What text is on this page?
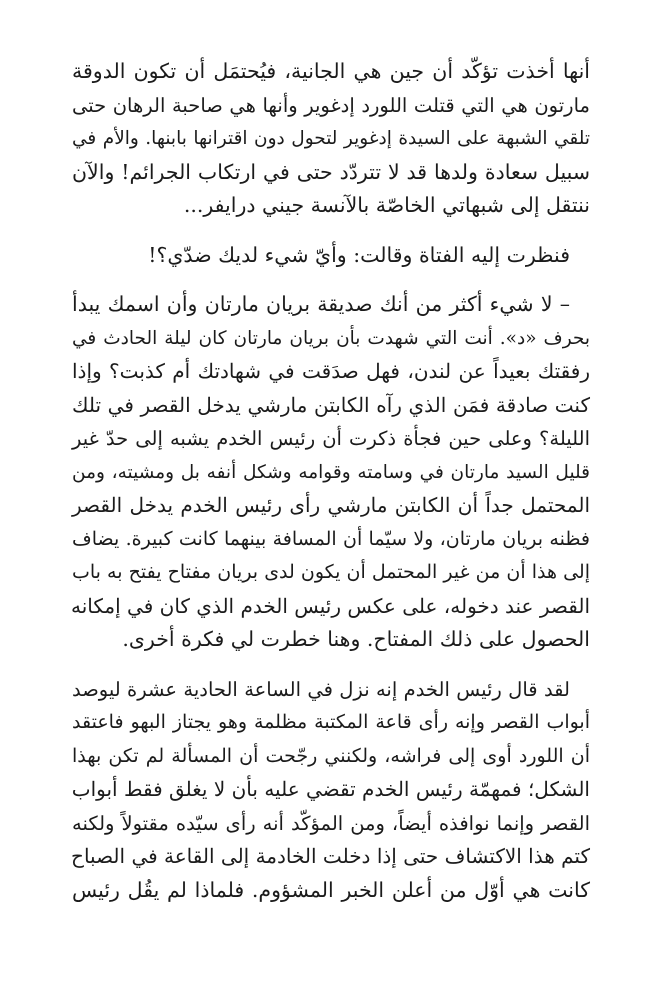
أنها أخذت تؤكّد أن جين هي الجانية، فيُحتمَل أن تكون الدوقة
مارتون هي التي قتلت اللورد إدغوير وأنها هي صاحبة الرهان حتى
تلقي الشبهة على السيدة إدغوير لتحول دون اقترانها بابنها. والأم في
سبيل سعادة ولدها قد لا تتردّد حتى في ارتكاب الجرائم! والآن
ننتقل إلى شبهاتي الخاصّة بالآنسة جيني درايفر...

فنظرت إليه الفتاة وقالت: وأيّ شيء لديك ضدّي؟!

– لا شيء أكثر من أنك صديقة بريان مارتان وأن اسمك يبدأ
بحرف «د». أنت التي شهدت بأن بريان مارتان كان ليلة الحادث في
رفقتك بعيداً عن لندن، فهل صدَقت في شهادتك أم كذبت؟ وإذا
كنت صادقة فمَن الذي رآه الكابتن مارشي يدخل القصر في تلك
الليلة؟ وعلى حين فجأة ذكرت أن رئيس الخدم يشبه إلى حدّ غير
قليل السيد مارتان في وسامته وقوامه وشكل أنفه بل ومشيته، ومن
المحتمل جداً أن الكابتن مارشي رأى رئيس الخدم يدخل القصر
فظنه بريان مارتان، ولا سيّما أن المسافة بينهما كانت كبيرة. يضاف
إلى هذا أن من غير المحتمل أن يكون لدى بريان مفتاح يفتح به باب
القصر عند دخوله، على عكس رئيس الخدم الذي كان في إمكانه
الحصول على ذلك المفتاح. وهنا خطرت لي فكرة أخرى.

لقد قال رئيس الخدم إنه نزل في الساعة الحادية عشرة ليوصد
أبواب القصر وإنه رأى قاعة المكتبة مظلمة وهو يجتاز البهو فاعتقد
أن اللورد أوى إلى فراشه، ولكنني رجّحت أن المسألة لم تكن بهذا
الشكل؛ فمهمّة رئيس الخدم تقضي عليه بأن لا يغلق فقط أبواب
القصر وإنما نوافذه أيضاً، ومن المؤكّد أنه رأى سيّده مقتولاً ولكنه
كتم هذا الاكتشاف حتى إذا دخلت الخادمة إلى القاعة في الصباح
كانت هي أوّل من أعلن الخبر المشؤوم. فلماذا لم يقُل رئيس
